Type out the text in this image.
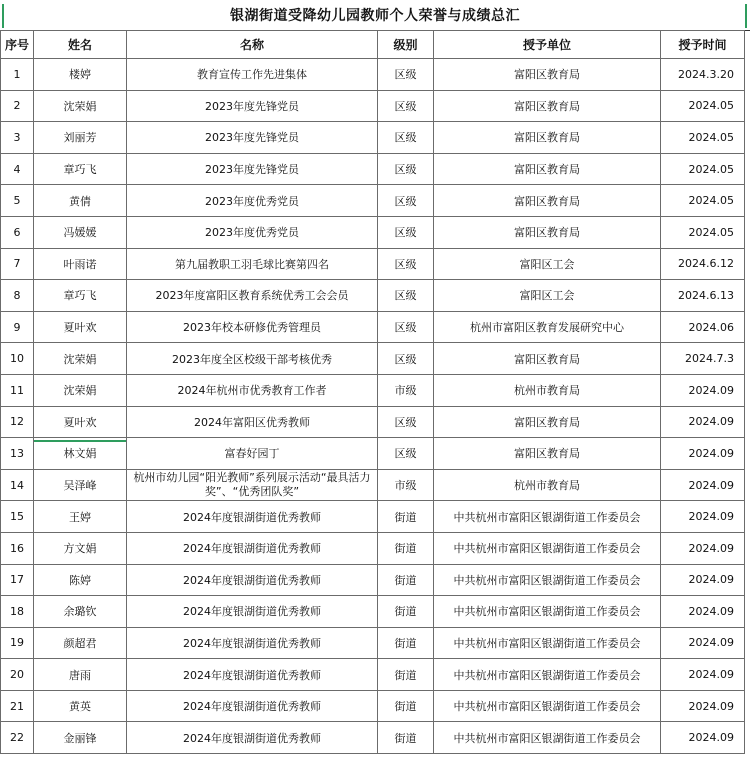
银湖街道受降幼儿园教师个人荣誉与成绩总汇
序号	姓名	名称	级别	授予单位	授予时间
1	楼婷	教育宣传工作先进集体	区级	富阳区教育局	2024.3.20
2	沈荣娟	2023年度先锋党员	区级	富阳区教育局	2024.05
3	刘丽芳	2023年度先锋党员	区级	富阳区教育局	2024.05
4	章巧飞	2023年度先锋党员	区级	富阳区教育局	2024.05
5	黄倩	2023年度优秀党员	区级	富阳区教育局	2024.05
6	冯媛媛	2023年度优秀党员	区级	富阳区教育局	2024.05
7	叶雨诺	第九届教职工羽毛球比赛第四名	区级	富阳区工会	2024.6.12
8	章巧飞	2023年度富阳区教育系统优秀工会会员	区级	富阳区工会	2024.6.13
9	夏叶欢	2023年校本研修优秀管理员	区级	杭州市富阳区教育发展研究中心	2024.06
10	沈荣娟	2023年度全区校级干部考核优秀	区级	富阳区教育局	2024.7.3
11	沈荣娟	2024年杭州市优秀教育工作者	市级	杭州市教育局	2024.09
12	夏叶欢	2024年富阳区优秀教师	区级	富阳区教育局	2024.09
13	林文娟	富春好园丁	区级	富阳区教育局	2024.09
14	吴泽峰	杭州市幼儿园“阳光教师”系列展示活动“最具活力奖”、“优秀团队奖”	市级	杭州市教育局	2024.09
15	王婷	2024年度银湖街道优秀教师	街道	中共杭州市富阳区银湖街道工作委员会	2024.09
16	方文娟	2024年度银湖街道优秀教师	街道	中共杭州市富阳区银湖街道工作委员会	2024.09
17	陈婷	2024年度银湖街道优秀教师	街道	中共杭州市富阳区银湖街道工作委员会	2024.09
18	余璐钦	2024年度银湖街道优秀教师	街道	中共杭州市富阳区银湖街道工作委员会	2024.09
19	颜超君	2024年度银湖街道优秀教师	街道	中共杭州市富阳区银湖街道工作委员会	2024.09
20	唐雨	2024年度银湖街道优秀教师	街道	中共杭州市富阳区银湖街道工作委员会	2024.09
21	黄英	2024年度银湖街道优秀教师	街道	中共杭州市富阳区银湖街道工作委员会	2024.09
22	金丽锋	2024年度银湖街道优秀教师	街道	中共杭州市富阳区银湖街道工作委员会	2024.09
